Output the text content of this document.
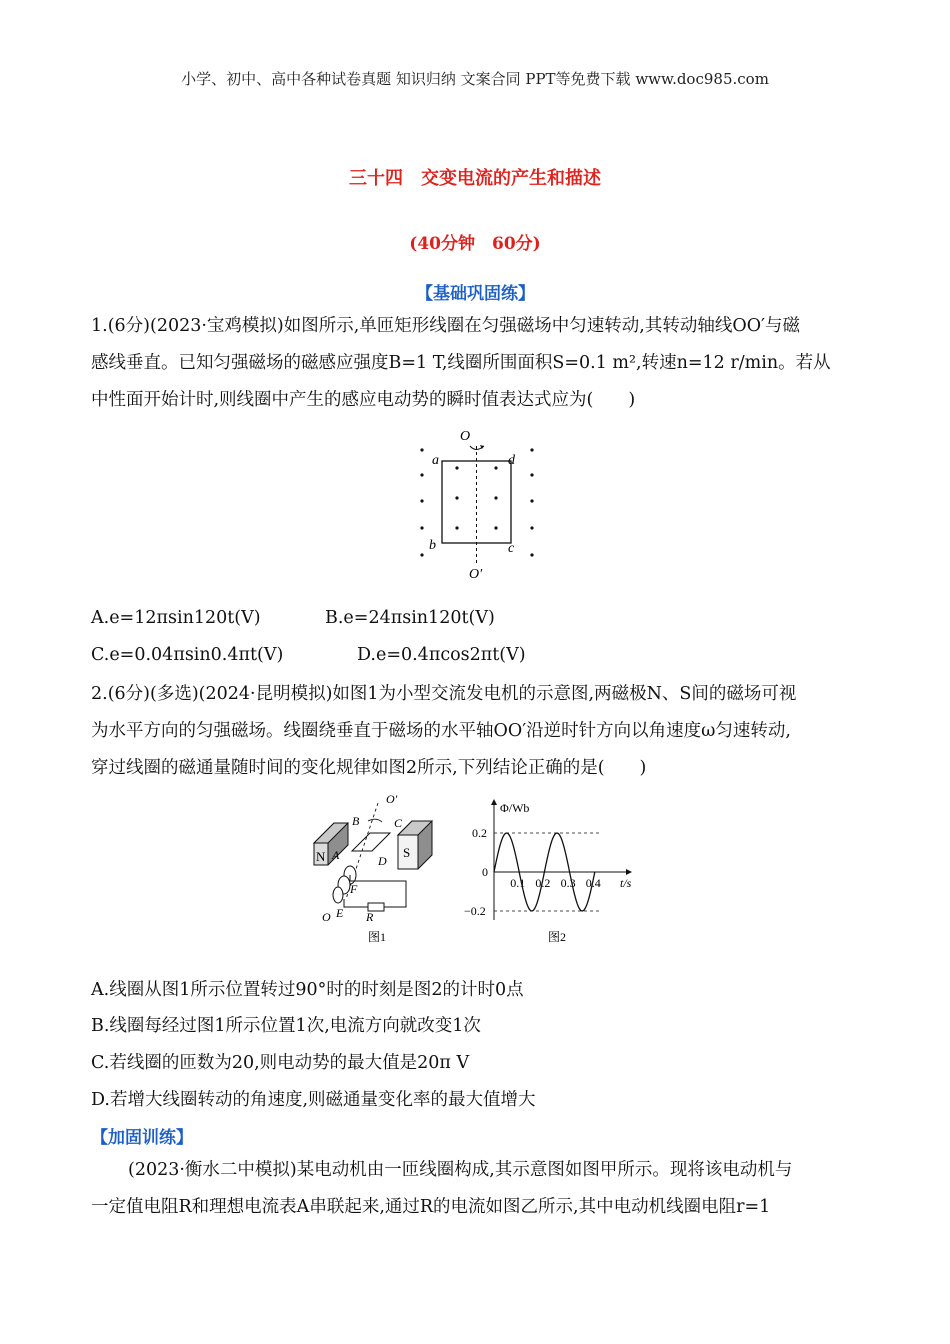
小学、初中、高中各种试卷真题 知识归纳 文案合同 PPT等免费下载 www.doc985.com
三十四　交变电流的产生和描述
(40分钟　60分)
【基础巩固练】
1.(6分)(2023·宝鸡模拟)如图所示,单匝矩形线圈在匀强磁场中匀速转动,其转动轴线OO′与磁
感线垂直。已知匀强磁场的磁感应强度B=1 T,线圈所围面积S=0.1 m²,转速n=12 r/min。若从
中性面开始计时,则线圈中产生的感应电动势的瞬时值表达式应为(　　)
O
O′
a	d
b	c
A.e=12πsin120t(V)	B.e=24πsin120t(V)
C.e=0.04πsin0.4πt(V)	D.e=0.4πcos2πt(V)
2.(6分)(多选)(2024·昆明模拟)如图1为小型交流发电机的示意图,两磁极N、S间的磁场可视
为水平方向的匀强磁场。线圈绕垂直于磁场的水平轴OO′沿逆时针方向以角速度ω匀速转动,
穿过线圈的磁通量随时间的变化规律如图2所示,下列结论正确的是(　　)
N	S
O′
B	C
A	D
F
E R
O
图1
0.2
−0.2
0.1 0.2 0.3 0.4
Φ/Wb
t/s
0
图2
A.线圈从图1所示位置转过90°时的时刻是图2的计时0点
B.线圈每经过图1所示位置1次,电流方向就改变1次
C.若线圈的匝数为20,则电动势的最大值是20π V
D.若增大线圈转动的角速度,则磁通量变化率的最大值增大
【加固训练】
(2023·衡水二中模拟)某电动机由一匝线圈构成,其示意图如图甲所示。现将该电动机与
一定值电阻R和理想电流表A串联起来,通过R的电流如图乙所示,其中电动机线圈电阻r=1
